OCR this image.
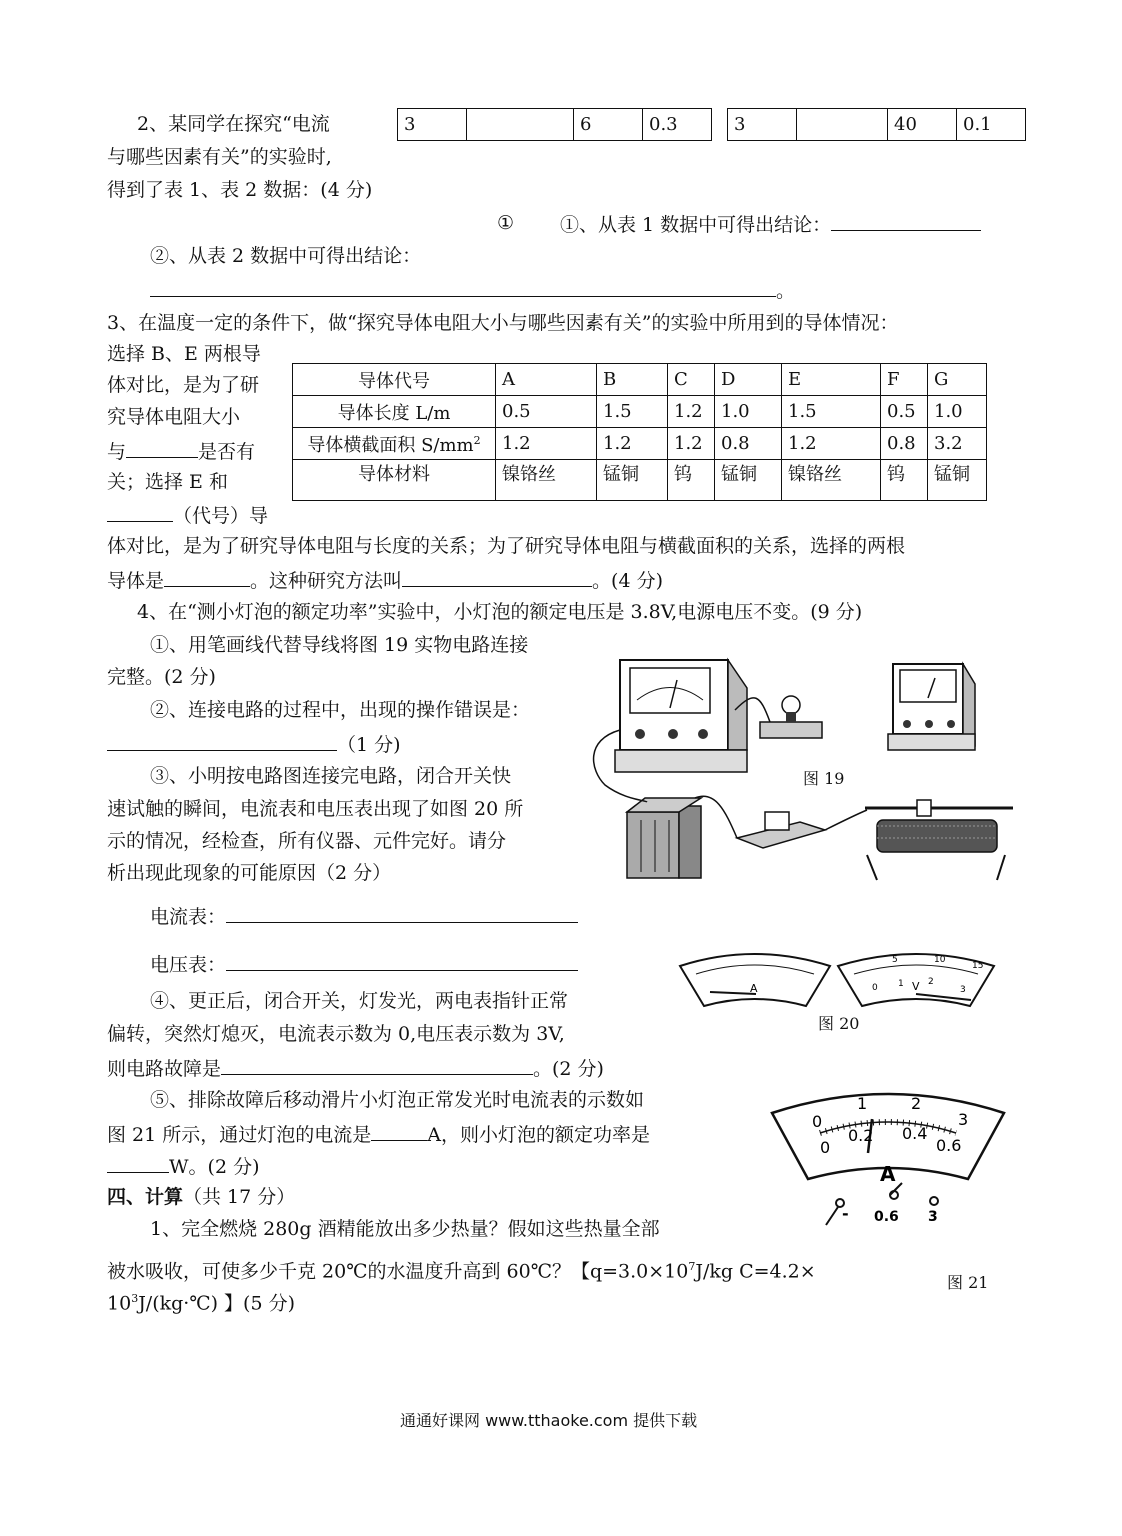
2、某同学在探究“电流
与哪些因素有关”的实验时,
得到了表 1、表 2 数据：(4 分)
3		6	0.3	3		40	0.1
① ①、从表 1 数据中可得出结论：
②、从表 2 数据中可得出结论：
。
3、在温度一定的条件下，做“探究导体电阻大小与哪些因素有关”的实验中所用到的导体情况：
选择 B、E 两根导
体对比，是为了研
究导体电阻大小
与	是否有
关；选择 E 和
（代号）导
体对比，是为了研究导体电阻与长度的关系；为了研究导体电阻与横截面积的关系，选择的两根
导体是	。这种研究方法叫	。(4 分)
导体代号	A	B	C	D	E	F	G
导体长度 L/m	0.5	1.5	1.2	1.0	1.5	0.5	1.0
导体横截面积 $S/mm^2$	1.2	1.2	1.2	0.8	1.2	0.8	3.2
导体材料	镍铬丝	锰铜	钨	锰铜	镍铬丝	钨	锰铜
4、在“测小灯泡的额定功率”实验中，小灯泡的额定电压是 3.8V,电源电压不变。(9 分)
①、用笔画线代替导线将图 19 实物电路连接
完整。(2 分)
②、连接电路的过程中，出现的操作错误是：
（1 分)
③、小明按电路图连接完电路，闭合开关快
速试触的瞬间，电流表和电压表出现了如图 20 所
示的情况，经检查，所有仪器、元件完好。请分
析出现此现象的可能原因（2 分）
电流表：
电压表：
④、更正后，闭合开关，灯发光，两电表指针正常
偏转，突然灯熄灭，电流表示数为 0,电压表示数为 3V,
则电路故障是	。(2 分)
⑤、排除故障后移动滑片小灯泡正常发光时电流表的示数如
图 21 所示，通过灯泡的电流是	A，则小灯泡的额定功率是
W。(2 分)
四、计算（共 17 分）
1、完全燃烧 280g 酒精能放出多少热量？假如这些热量全部
被水吸收，可使多少千克 20℃的水温度升高到 60℃？【$q=3.0\times 10^7J/kg$ C=4.2×
$10^3J/(kg\cdot℃)$ 】(5 分)
图 19
A
5	10
15
0 1	2
3
V
图 20
0
1	2
3
0
0.2 0.4
0.6
A
- 0.6 3
图 21
通通好课网 www.tthaoke.com 提供下载
